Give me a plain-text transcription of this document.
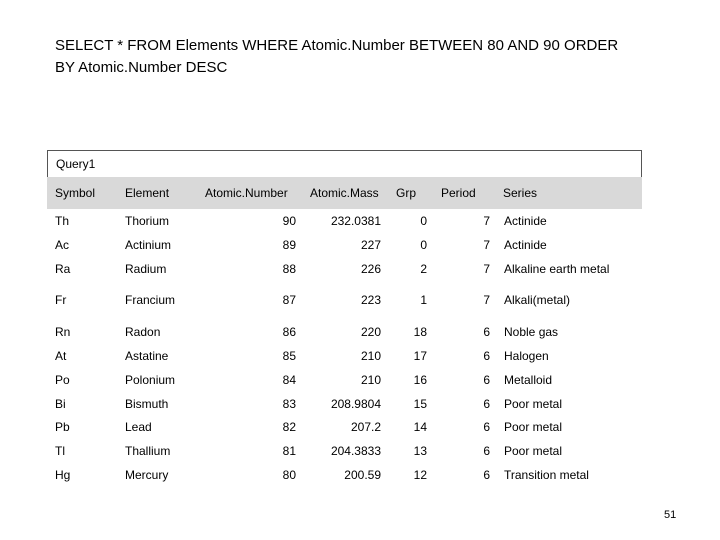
SELECT * FROM Elements WHERE Atomic.Number BETWEEN 80 AND 90 ORDER
BY Atomic.Number DESC
Query1
Symbol Element	Atomic.Number Atomic.Mass Grp Period Series
Th	Thorium	90	232.0381	0	7 Actinide
Ac	Actinium	89	227	0	7 Actinide
Ra	Radium	88	226	2	7 Alkaline earth metal
Fr	Francium	87	223	1	7 Alkali(metal)
Rn	Radon	86	220	18	6 Noble gas
At	Astatine	85	210	17	6 Halogen
Po	Polonium	84	210	16	6 Metalloid
Bi	Bismuth	83	208.9804	15	6 Poor metal
Pb	Lead	82	207.2	14	6 Poor metal
Tl	Thallium	81	204.3833	13	6 Poor metal
Hg	Mercury	80	200.59	12	6 Transition metal
51
